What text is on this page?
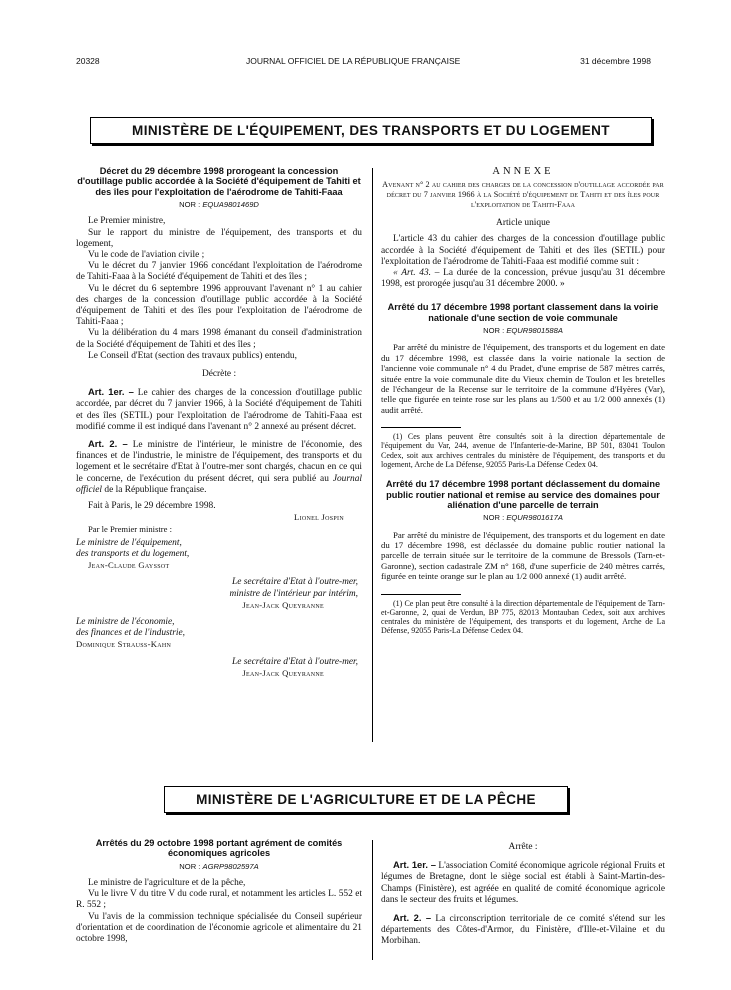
20328	JOURNAL OFFICIEL DE LA RÉPUBLIQUE FRANÇAISE	31 décembre 1998
MINISTÈRE DE L'ÉQUIPEMENT, DES TRANSPORTS ET DU LOGEMENT
Décret du 29 décembre 1998 prorogeant la concession d'outillage public accordée à la Société d'équipement de Tahiti et des îles pour l'exploitation de l'aérodrome de Tahiti-Faaa
NOR : EQUA9801469D

Le Premier ministre,

Sur le rapport du ministre de l'équipement, des transports et du logement,

Vu le code de l'aviation civile ;

Vu le décret du 7 janvier 1966 concédant l'exploitation de l'aérodrome de Tahiti-Faaa à la Société d'équipement de Tahiti et des îles ;

Vu le décret du 6 septembre 1996 approuvant l'avenant n° 1 au cahier des charges de la concession d'outillage public accordée à la Société d'équipement de Tahiti et des îles pour l'exploitation de l'aérodrome de Tahiti-Faaa ;

Vu la délibération du 4 mars 1998 émanant du conseil d'administration de la Société d'équipement de Tahiti et des îles ;

Le Conseil d'Etat (section des travaux publics) entendu,

Décrète :

Art. 1er. – Le cahier des charges de la concession d'outillage public accordée, par décret du 7 janvier 1966, à la Société d'équipement de Tahiti et des îles (SETIL) pour l'exploitation de l'aérodrome de Tahiti-Faaa est modifié comme il est indiqué dans l'avenant n° 2 annexé au présent décret.

Art. 2. – Le ministre de l'intérieur, le ministre de l'économie, des finances et de l'industrie, le ministre de l'équipement, des transports et du logement et le secrétaire d'Etat à l'outre-mer sont chargés, chacun en ce qui le concerne, de l'exécution du présent décret, qui sera publié au Journal officiel de la République française.

Fait à Paris, le 29 décembre 1998.

Lionel Jospin

Par le Premier ministre :

Le ministre de l'équipement,
des transports et du logement,
Jean-Claude Gayssot
Le secrétaire d'Etat à l'outre-mer,
ministre de l'intérieur par intérim,
Jean-Jack Queyranne
Le ministre de l'économie,
des finances et de l'industrie,
Dominique Strauss-Kahn
Le secrétaire d'Etat à l'outre-mer,
Jean-Jack Queyranne
ANNEXE
Avenant n° 2 au cahier des charges de la concession d'outillage accordée par décret du 7 janvier 1966 à la Société d'équipement de Tahiti et des îles pour l'exploitation de Tahiti-Faaa
Article unique

L'article 43 du cahier des charges de la concession d'outillage public accordée à la Société d'équipement de Tahiti et des îles (SETIL) pour l'exploitation de l'aérodrome de Tahiti-Faaa est modifié comme suit :

« Art. 43. – La durée de la concession, prévue jusqu'au 31 décembre 1998, est prorogée jusqu'au 31 décembre 2000. »

Arrêté du 17 décembre 1998 portant classement dans la voirie nationale d'une section de voie communale
NOR : EQUR9801588A

Par arrêté du ministre de l'équipement, des transports et du logement en date du 17 décembre 1998, est classée dans la voirie nationale la section de l'ancienne voie communale n° 4 du Pradet, d'une emprise de 587 mètres carrés, située entre la voie communale dite du Vieux chemin de Toulon et les bretelles de l'échangeur de la Recense sur le territoire de la commune d'Hyères (Var), telle que figurée en teinte rose sur les plans au 1/500 et au 1/2 000 annexés (1) audit arrêté.

(1) Ces plans peuvent être consultés soit à la direction départementale de l'équipement du Var, 244, avenue de l'Infanterie-de-Marine, BP 501, 83041 Toulon Cedex, soit aux archives centrales du ministère de l'équipement, des transports et du logement, Arche de La Défense, 92055 Paris-La Défense Cedex 04.

Arrêté du 17 décembre 1998 portant déclassement du domaine public routier national et remise au service des domaines pour aliénation d'une parcelle de terrain
NOR : EQUR9801617A

Par arrêté du ministre de l'équipement, des transports et du logement en date du 17 décembre 1998, est déclassée du domaine public routier national la parcelle de terrain située sur le territoire de la commune de Bressols (Tarn-et-Garonne), section cadastrale ZM n° 168, d'une superficie de 240 mètres carrés, figurée en teinte orange sur le plan au 1/2 000 annexé (1) audit arrêté.

(1) Ce plan peut être consulté à la direction départementale de l'équipement de Tarn-et-Garonne, 2, quai de Verdun, BP 775, 82013 Montauban Cedex, soit aux archives centrales du ministère de l'équipement, des transports et du logement, Arche de La Défense, 92055 Paris-La Défense Cedex 04.

MINISTÈRE DE L'AGRICULTURE ET DE LA PÊCHE
Arrêtés du 29 octobre 1998 portant agrément de comités économiques agricoles
NOR : AGRP9802597A

Le ministre de l'agriculture et de la pêche,

Vu le livre V du titre V du code rural, et notamment les articles L. 552 et R. 552 ;

Vu l'avis de la commission technique spécialisée du Conseil supérieur d'orientation et de coordination de l'économie agricole et alimentaire du 21 octobre 1998,

Arrête :

Art. 1er. – L'association Comité économique agricole régional Fruits et légumes de Bretagne, dont le siège social est établi à Saint-Martin-des-Champs (Finistère), est agréée en qualité de comité économique agricole dans le secteur des fruits et légumes.

Art. 2. – La circonscription territoriale de ce comité s'étend sur les départements des Côtes-d'Armor, du Finistère, d'Ille-et-Vilaine et du Morbihan.
